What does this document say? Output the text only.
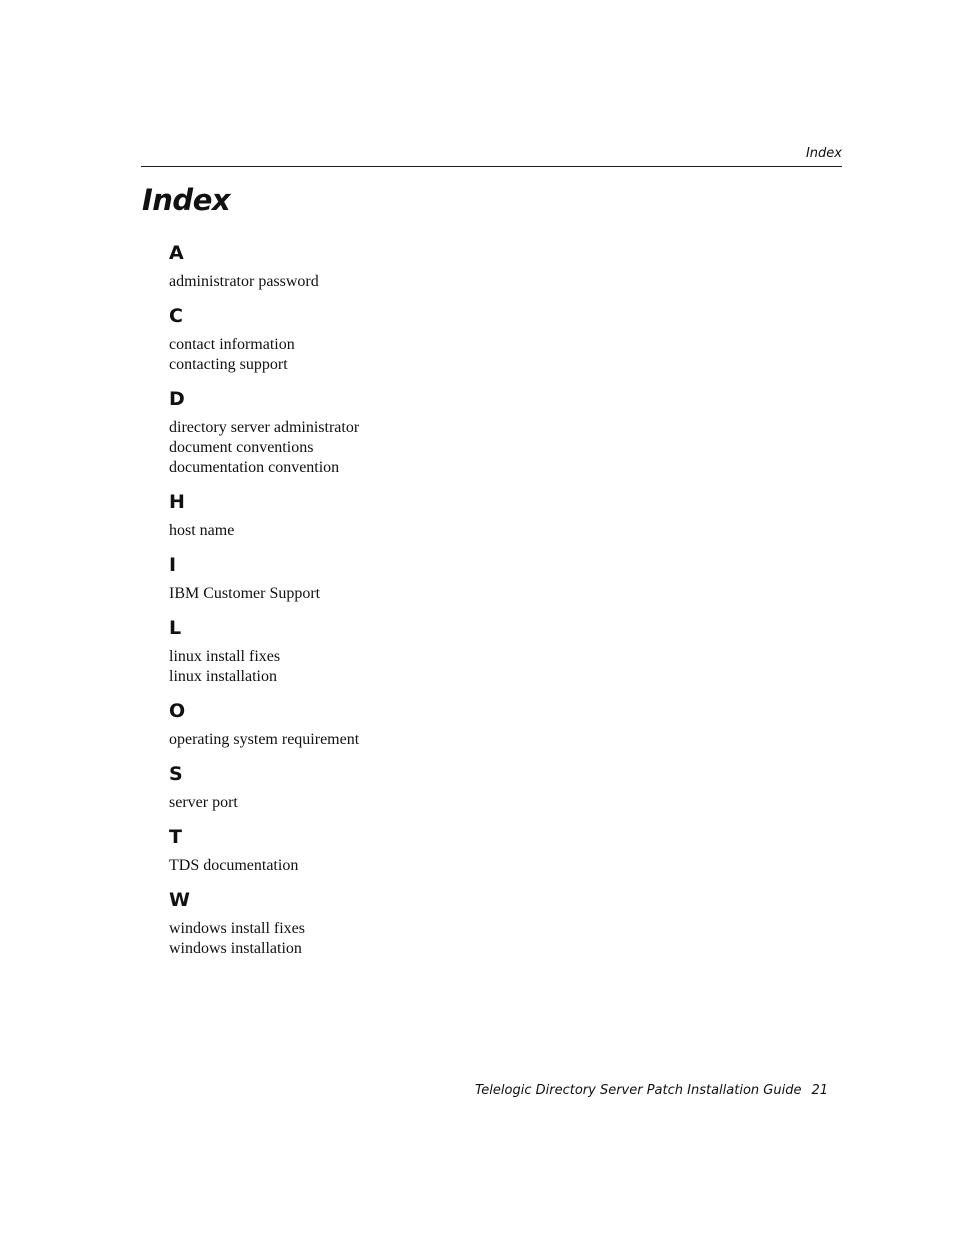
Index

Index
A
administrator password
C
contact information
contacting support
D
directory server administrator
document conventions
documentation convention
H
host name
I
IBM Customer Support
L
linux install fixes
linux installation
O
operating system requirement
S
server port
T
TDS documentation
W
windows install fixes
windows installation

Telelogic Directory Server Patch Installation Guide 21
